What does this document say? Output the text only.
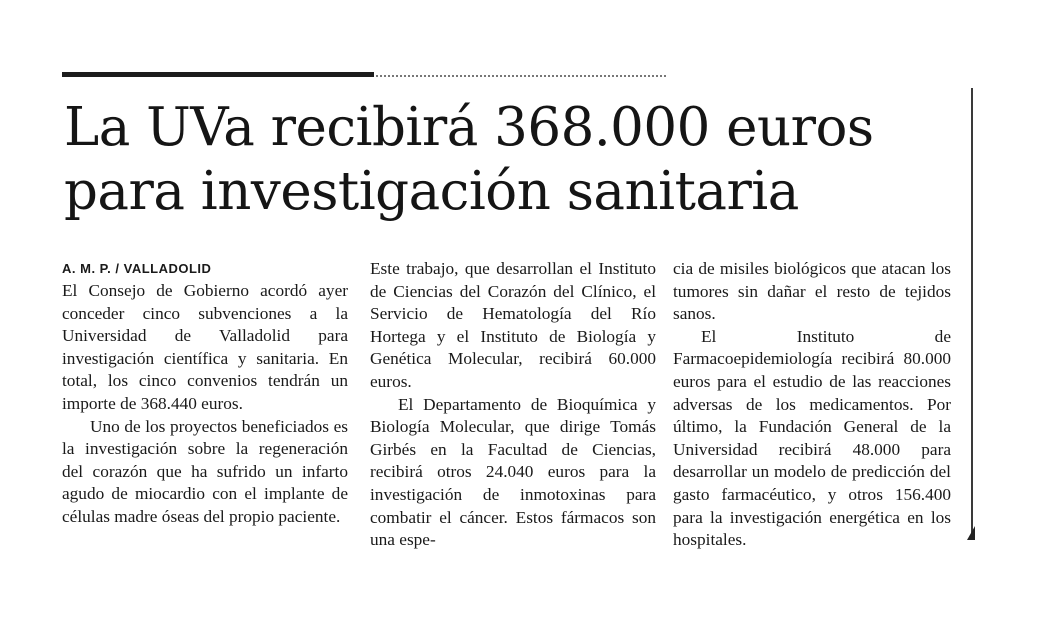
La UVa recibirá 368.000 euros
para investigación sanitaria
A. M. P. / VALLADOLID
El Consejo de Gobierno acordó ayer conceder cinco subvenciones a la Universidad de Valladolid para investigación científica y sanitaria. En total, los cinco convenios tendrán un importe de 368.440 euros.
Uno de los proyectos beneficiados es la investigación sobre la regeneración del corazón que ha sufrido un infarto agudo de miocardio con el implante de células madre óseas del propio paciente.
Este trabajo, que desarrollan el Instituto de Ciencias del Corazón del Clínico, el Servicio de Hematología del Río Hortega y el Instituto de Biología y Genética Molecular, recibirá 60.000 euros.
El Departamento de Bioquímica y Biología Molecular, que dirige Tomás Girbés en la Facultad de Ciencias, recibirá otros 24.040 euros para la investigación de inmotoxinas para combatir el cáncer. Estos fármacos son una espe-
cia de misiles biológicos que atacan los tumores sin dañar el resto de tejidos sanos.
El Instituto de Farmacoepidemiología recibirá 80.000 euros para el estudio de las reacciones adversas de los medicamentos. Por último, la Fundación General de la Universidad recibirá 48.000 para desarrollar un modelo de predicción del gasto farmacéutico, y otros 156.400 para la investigación energética en los hospitales.
